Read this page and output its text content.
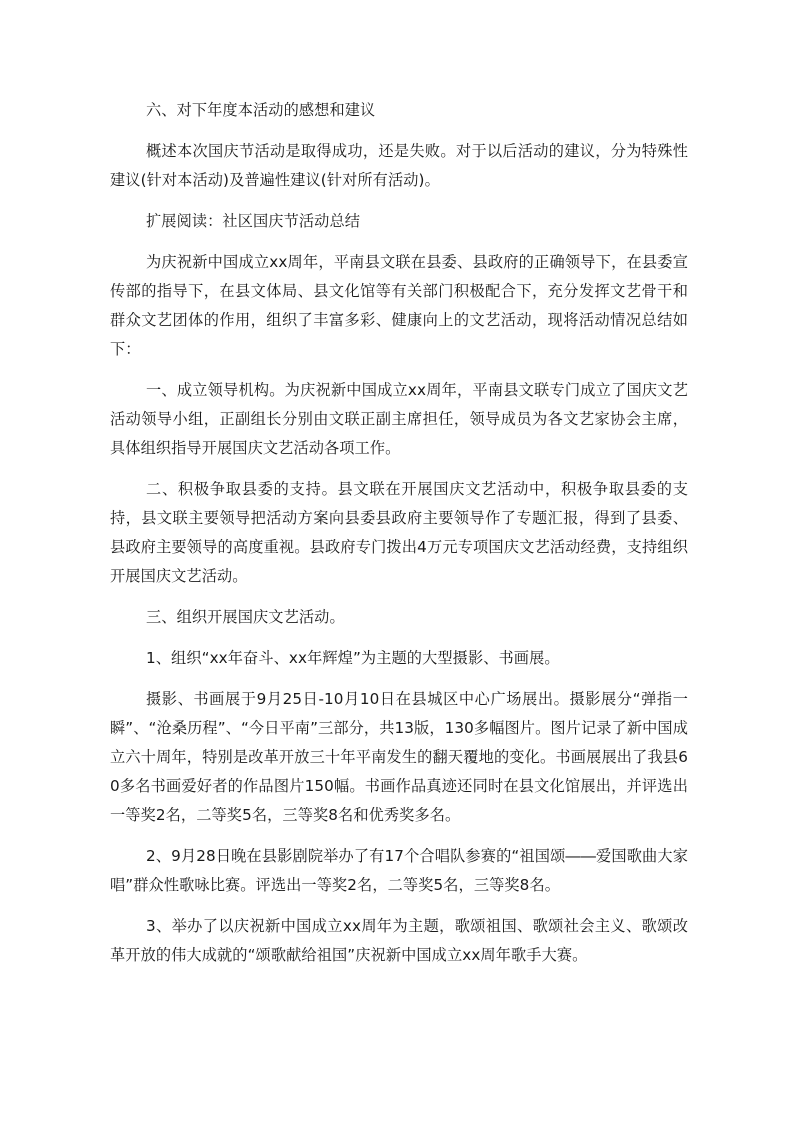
六、对下年度本活动的感想和建议

概述本次国庆节活动是取得成功，还是失败。对于以后活动的建议，分为特殊性建议(针对本活动)及普遍性建议(针对所有活动)。

扩展阅读：社区国庆节活动总结

为庆祝新中国成立xx周年，平南县文联在县委、县政府的正确领导下，在县委宣传部的指导下，在县文体局、县文化馆等有关部门积极配合下，充分发挥文艺骨干和群众文艺团体的作用，组织了丰富多彩、健康向上的文艺活动，现将活动情况总结如下：

一、成立领导机构。为庆祝新中国成立xx周年，平南县文联专门成立了国庆文艺活动领导小组，正副组长分别由文联正副主席担任，领导成员为各文艺家协会主席，具体组织指导开展国庆文艺活动各项工作。

二、积极争取县委的支持。县文联在开展国庆文艺活动中，积极争取县委的支持，县文联主要领导把活动方案向县委县政府主要领导作了专题汇报，得到了县委、县政府主要领导的高度重视。县政府专门拨出4万元专项国庆文艺活动经费，支持组织开展国庆文艺活动。

三、组织开展国庆文艺活动。

1、组织“xx年奋斗、xx年辉煌”为主题的大型摄影、书画展。

摄影、书画展于9月25日-10月10日在县城区中心广场展出。摄影展分“弹指一瞬”、“沧桑历程”、“今日平南”三部分，共13版，130多幅图片。图片记录了新中国成立六十周年，特别是改革开放三十年平南发生的翻天覆地的变化。书画展展出了我县60多名书画爱好者的作品图片150幅。书画作品真迹还同时在县文化馆展出，并评选出一等奖2名，二等奖5名，三等奖8名和优秀奖多名。

2、9月28日晚在县影剧院举办了有17个合唱队参赛的“祖国颂――爱国歌曲大家唱”群众性歌咏比赛。评选出一等奖2名，二等奖5名，三等奖8名。

3、举办了以庆祝新中国成立xx周年为主题，歌颂祖国、歌颂社会主义、歌颂改革开放的伟大成就的“颂歌献给祖国”庆祝新中国成立xx周年歌手大赛。
